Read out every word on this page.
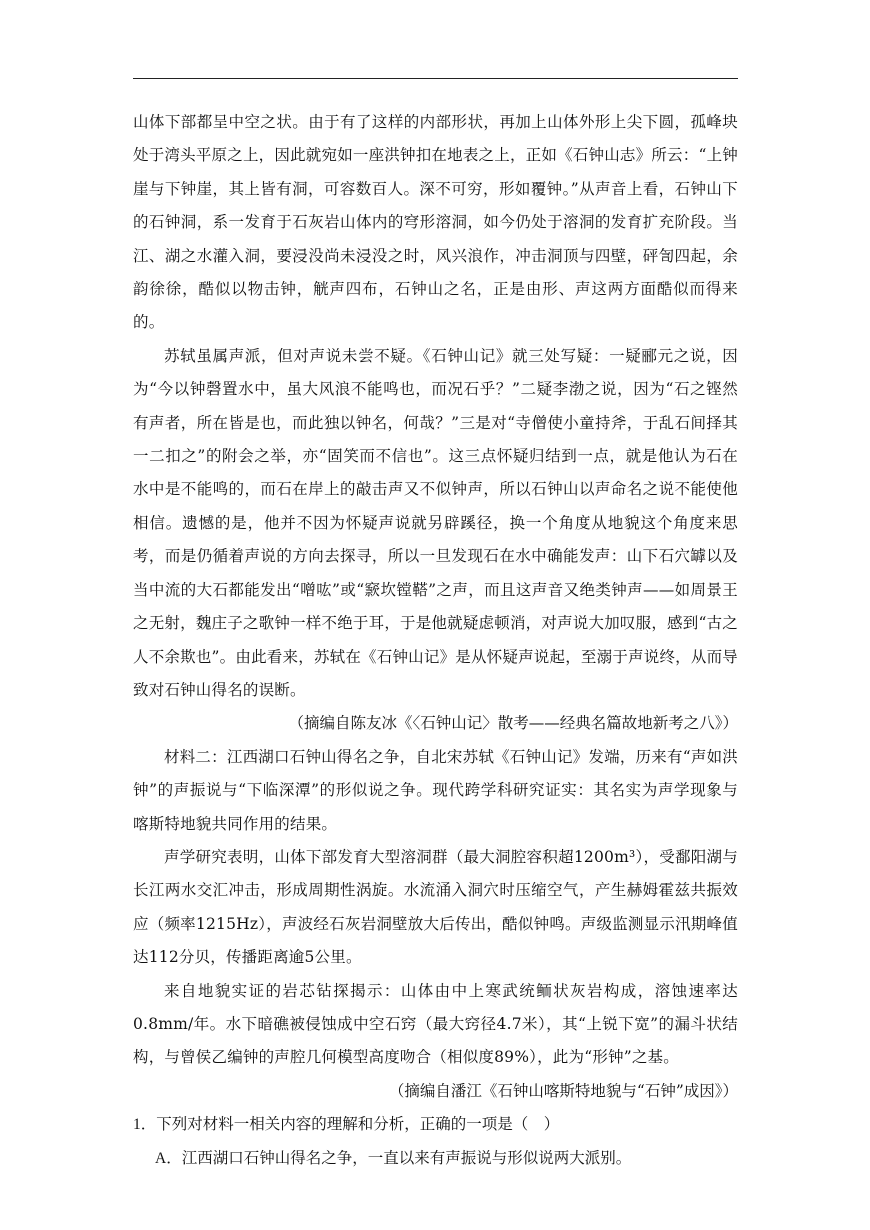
山体下部都呈中空之状。由于有了这样的内部形状，再加上山体外形上尖下圆，孤峰块处于湾头平原之上，因此就宛如一座洪钟扣在地表之上，正如《石钟山志》所云：“上钟崖与下钟崖，其上皆有洞，可容数百人。深不可穷，形如覆钟。”从声音上看，石钟山下的石钟洞，系一发育于石灰岩山体内的穹形溶洞，如今仍处于溶洞的发育扩充阶段。当江、湖之水灌入洞，要浸没尚未浸没之时，风兴浪作，冲击洞顶与四壁，砰訇四起，余韵徐徐，酷似以物击钟，觥声四布，石钟山之名，正是由形、声这两方面酷似而得来的。

苏轼虽属声派，但对声说未尝不疑。《石钟山记》就三处写疑：一疑郦元之说，因为“今以钟磬置水中，虽大风浪不能鸣也，而况石乎？”二疑李渤之说，因为“石之铿然有声者，所在皆是也，而此独以钟名，何哉？”三是对“寺僧使小童持斧，于乱石间择其一二扣之”的附会之举，亦“固笑而不信也”。这三点怀疑归结到一点，就是他认为石在水中是不能鸣的，而石在岸上的敲击声又不似钟声，所以石钟山以声命名之说不能使他相信。遗憾的是，他并不因为怀疑声说就另辟蹊径，换一个角度从地貌这个角度来思考，而是仍循着声说的方向去探寻，所以一旦发现石在水中确能发声：山下石穴罅以及当中流的大石都能发出“噌吰”或“窾坎镗鞳”之声，而且这声音又绝类钟声——如周景王之无射，魏庄子之歌钟一样不绝于耳，于是他就疑虑顿消，对声说大加叹服，感到“古之人不余欺也”。由此看来，苏轼在《石钟山记》是从怀疑声说起，至溺于声说终，从而导致对石钟山得名的误断。

（摘编自陈友冰《〈石钟山记〉散考——经典名篇故地新考之八》）

材料二：江西湖口石钟山得名之争，自北宋苏轼《石钟山记》发端，历来有“声如洪钟”的声振说与“下临深潭”的形似说之争。现代跨学科研究证实：其名实为声学现象与喀斯特地貌共同作用的结果。

声学研究表明，山体下部发育大型溶洞群（最大洞腔容积超1200m³），受鄱阳湖与长江两水交汇冲击，形成周期性涡旋。水流涌入洞穴时压缩空气，产生赫姆霍兹共振效应（频率1215Hz），声波经石灰岩洞壁放大后传出，酷似钟鸣。声级监测显示汛期峰值达112分贝，传播距离逾5公里。

来自地貌实证的岩芯钻探揭示：山体由中上寒武统鲕状灰岩构成，溶蚀速率达0.8mm/年。水下暗礁被侵蚀成中空石窍（最大窍径4.7米），其“上锐下宽”的漏斗状结构，与曾侯乙编钟的声腔几何模型高度吻合（相似度89%），此为“形钟”之基。

（摘编自潘江《石钟山喀斯特地貌与“石钟”成因》）

1．下列对材料一相关内容的理解和分析，正确的一项是（　）

A．江西湖口石钟山得名之争，一直以来有声振说与形似说两大派别。
